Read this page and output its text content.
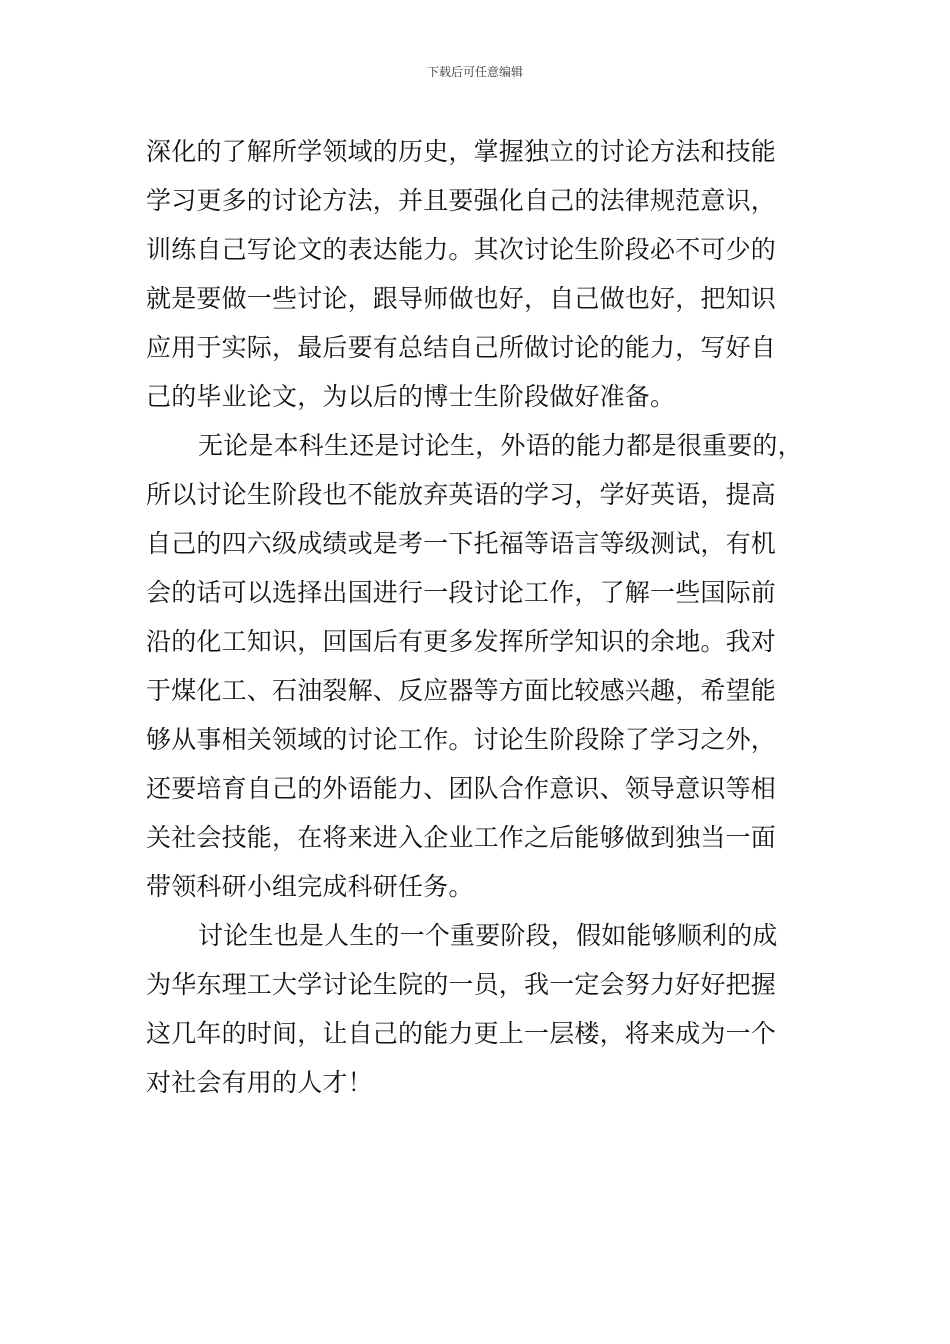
下载后可任意编辑
深化的了解所学领域的历史，掌握独立的讨论方法和技能
学习更多的讨论方法，并且要强化自己的法律规范意识，
训练自己写论文的表达能力。其次讨论生阶段必不可少的
就是要做一些讨论，跟导师做也好，自己做也好，把知识
应用于实际，最后要有总结自己所做讨论的能力，写好自
己的毕业论文，为以后的博士生阶段做好准备。
无论是本科生还是讨论生，外语的能力都是很重要的，
所以讨论生阶段也不能放弃英语的学习，学好英语，提高
自己的四六级成绩或是考一下托福等语言等级测试，有机
会的话可以选择出国进行一段讨论工作，了解一些国际前
沿的化工知识，回国后有更多发挥所学知识的余地。我对
于煤化工、石油裂解、反应器等方面比较感兴趣，希望能
够从事相关领域的讨论工作。讨论生阶段除了学习之外，
还要培育自己的外语能力、团队合作意识、领导意识等相
关社会技能，在将来进入企业工作之后能够做到独当一面
带领科研小组完成科研任务。
讨论生也是人生的一个重要阶段，假如能够顺利的成
为华东理工大学讨论生院的一员，我一定会努力好好把握
这几年的时间，让自己的能力更上一层楼，将来成为一个
对社会有用的人才！
